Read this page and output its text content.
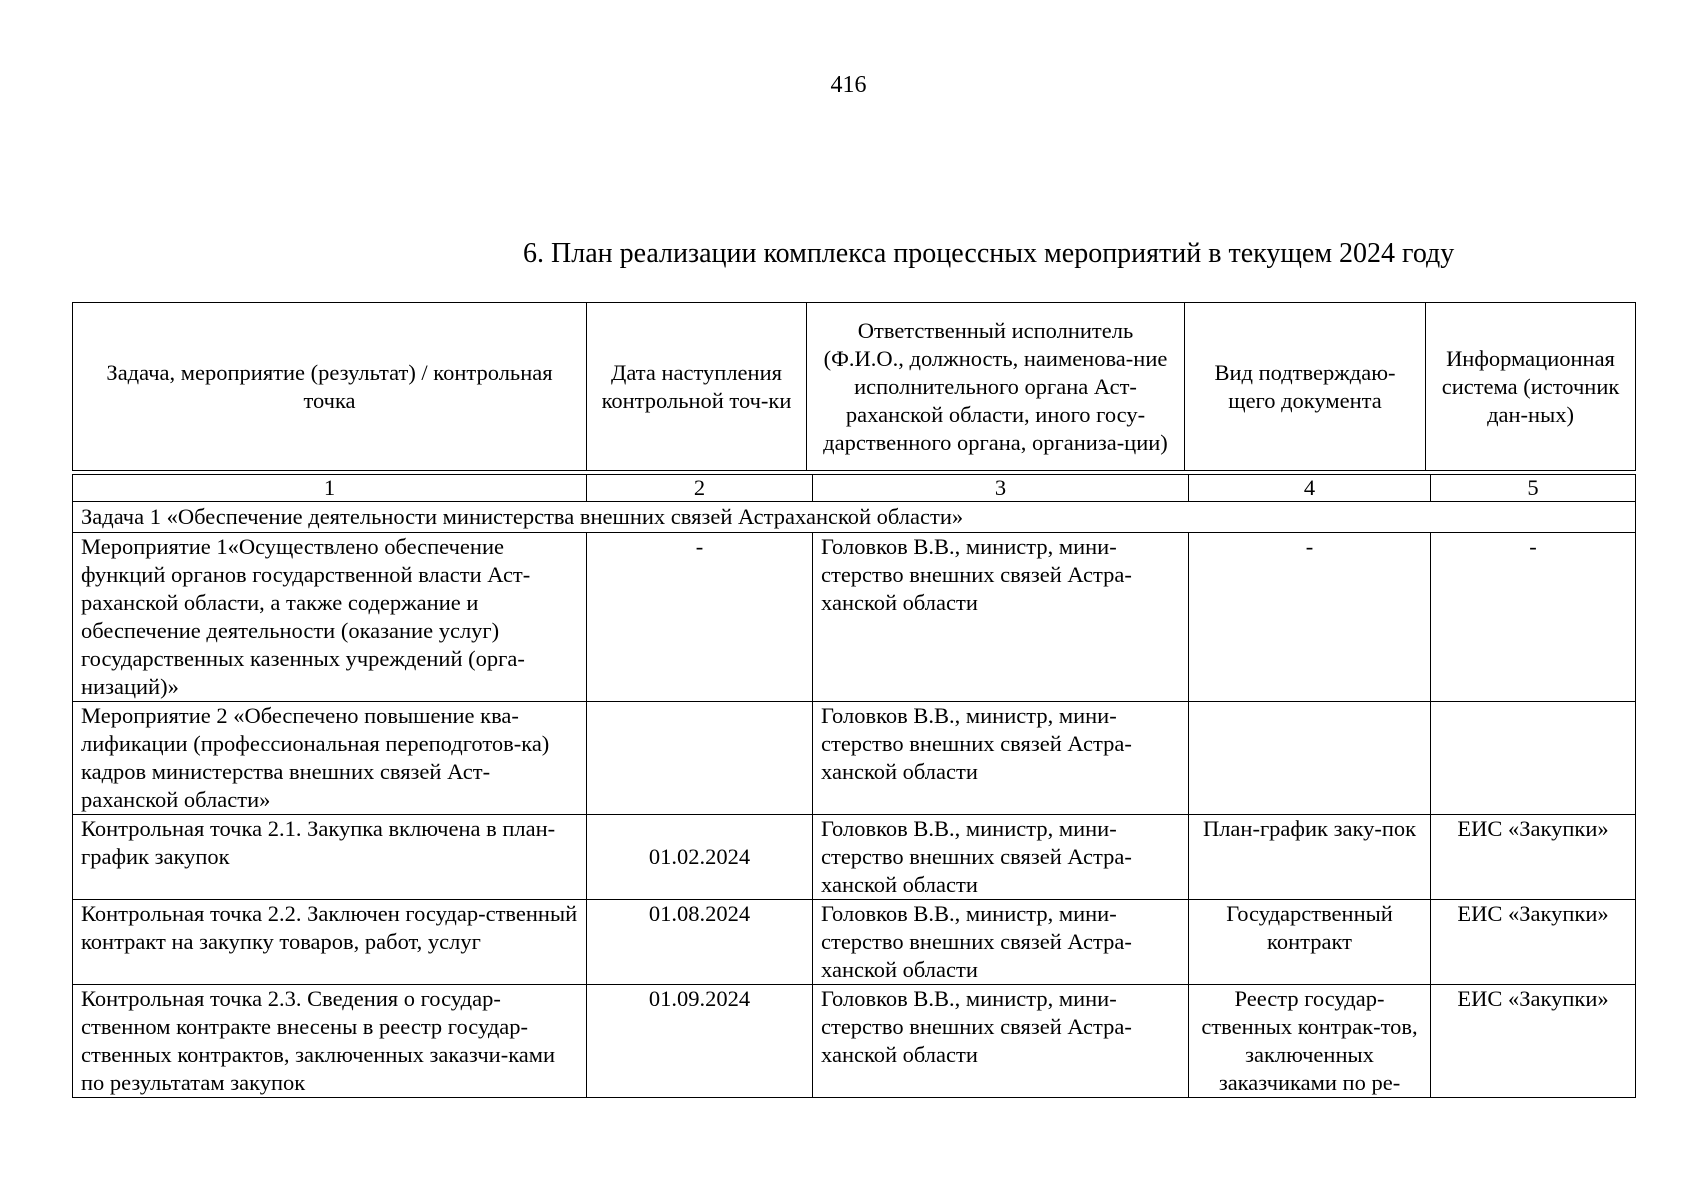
416
6. План реализации комплекса процессных мероприятий в текущем 2024 году
Задача, мероприятие (результат) / контрольная точка	Дата наступления контрольной точ-ки	Ответственный исполнитель (Ф.И.О., должность, наименова-ние исполнительного органа Аст-раханской области, иного госу-дарственного органа, организа-ции)	Вид подтверждаю-щего документа	Информационная система (источник дан-ных)
1	2	3	4	5
Задача 1 «Обеспечение деятельности министерства внешних связей Астраханской области»				
Мероприятие 1«Осуществлено обеспечение функций органов государственной власти Аст-раханской области, а также содержание и обеспечение деятельности (оказание услуг) государственных казенных учреждений (орга-низаций)»	-	Головков В.В., министр, мини-стерство внешних связей Астра-ханской области	-	-
Мероприятие 2 «Обеспечено повышение ква-лификации (профессиональная переподготов-ка) кадров министерства внешних связей Аст-раханской области»		Головков В.В., министр, мини-стерство внешних связей Астра-ханской области		
Контрольная точка 2.1. Закупка включена в план-график закупок	01.02.2024	Головков В.В., министр, мини-стерство внешних связей Астра-ханской области	План-график заку-пок	ЕИС «Закупки»
Контрольная точка 2.2. Заключен государ-ственный контракт на закупку товаров, работ, услуг	01.08.2024	Головков В.В., министр, мини-стерство внешних связей Астра-ханской области	Государственный контракт	ЕИС «Закупки»
Контрольная точка 2.3. Сведения о государ-ственном контракте внесены в реестр государ-ственных контрактов, заключенных заказчи-ками по результатам закупок	01.09.2024	Головков В.В., министр, мини-стерство внешних связей Астра-ханской области	Реестр государ-ственных контрак-тов, заключенных заказчиками по ре-	ЕИС «Закупки»
